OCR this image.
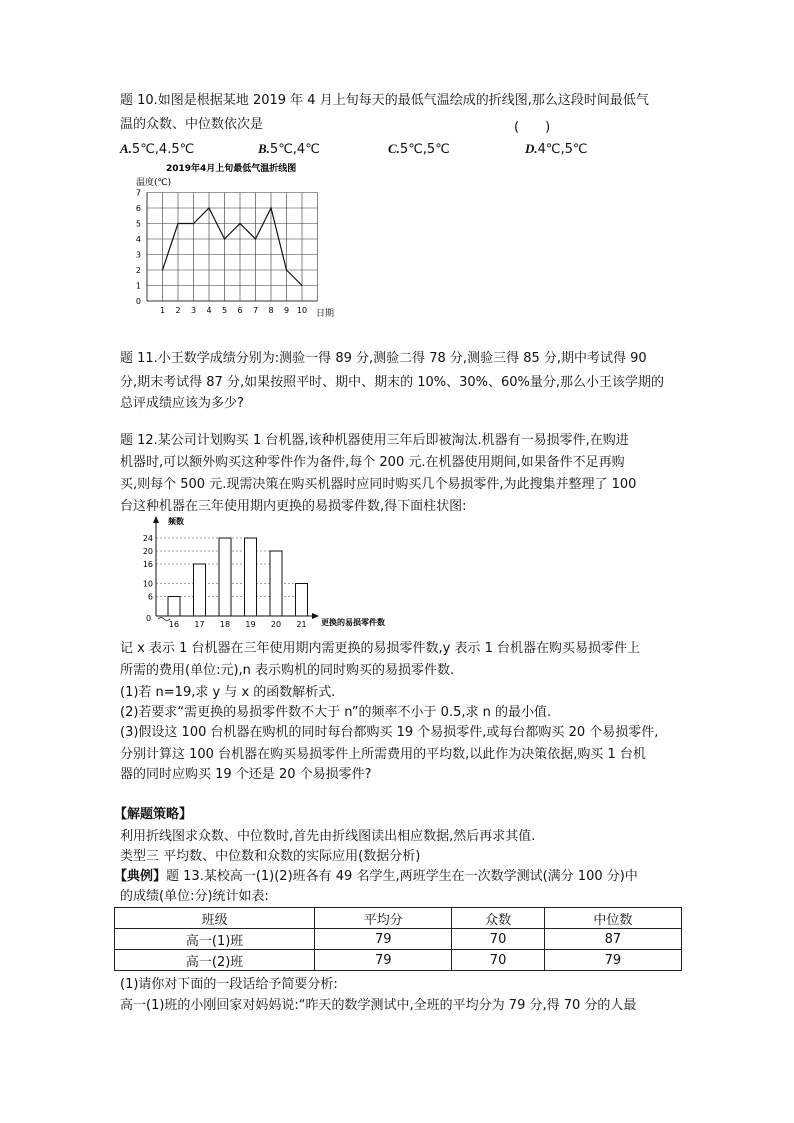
题 10.如图是根据某地 2019 年 4 月上旬每天的最低气温绘成的折线图,那么这段时间最低气
温的众数、中位数依次是	(　　)
A.5℃,4.5℃	B.5℃,4℃	C.5℃,5℃	D.4℃,5℃
2019年4月上旬最低气温折线图
温度(℃)
日期
0
1
2
3
4
5
6
7
1 2 3 4 5 6 7 8 9 10
题 11.小王数学成绩分别为:测验一得 89 分,测验二得 78 分,测验三得 85 分,期中考试得 90
分,期末考试得 87 分,如果按照平时、期中、期末的 10%、30%、60%量分,那么小王该学期的
总评成绩应该为多少?
题 12.某公司计划购买 1 台机器,该种机器使用三年后即被淘汰.机器有一易损零件,在购进
机器时,可以额外购买这种零件作为备件,每个 200 元.在机器使用期间,如果备件不足再购
买,则每个 500 元.现需决策在购买机器时应同时购买几个易损零件,为此搜集并整理了 100
台这种机器在三年使用期内更换的易损零件数,得下面柱状图:
频数
更换的易损零件数
0
6
10
16
20
24
16 17 18 19 20 21
记 x 表示 1 台机器在三年使用期内需更换的易损零件数,y 表示 1 台机器在购买易损零件上
所需的费用(单位:元),n 表示购机的同时购买的易损零件数.
(1)若 n=19,求 y 与 x 的函数解析式.
(2)若要求“需更换的易损零件数不大于 n”的频率不小于 0.5,求 n 的最小值.
(3)假设这 100 台机器在购机的同时每台都购买 19 个易损零件,或每台都购买 20 个易损零件,
分别计算这 100 台机器在购买易损零件上所需费用的平均数,以此作为决策依据,购买 1 台机
器的同时应购买 19 个还是 20 个易损零件?
【解题策略】
利用折线图求众数、中位数时,首先由折线图读出相应数据,然后再求其值.
类型三 平均数、中位数和众数的实际应用(数据分析)
【典例】题 13.某校高一(1)(2)班各有 49 名学生,两班学生在一次数学测试(满分 100 分)中
的成绩(单位:分)统计如表:
班级	平均分	众数	中位数
高一(1)班	79	70	87
高一(2)班	79	70	79
(1)请你对下面的一段话给予简要分析:
高一(1)班的小刚回家对妈妈说:“昨天的数学测试中,全班的平均分为 79 分,得 70 分的人最
